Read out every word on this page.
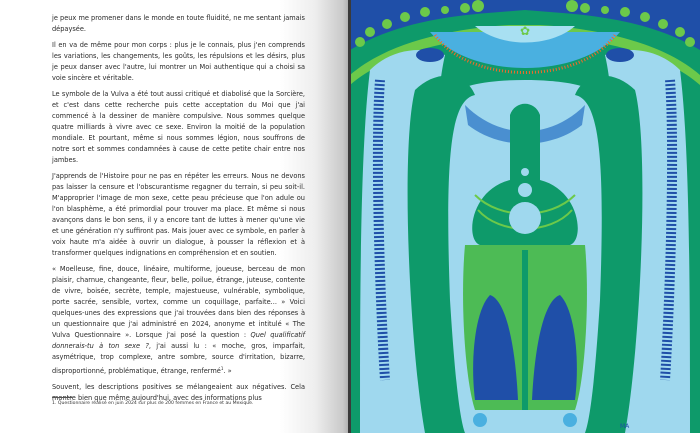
je peux me promener dans le monde en toute fluidité, ne me sentant jamais dépaysée.

Il en va de même pour mon corps : plus je le connais, plus j'en comprends les variations, les changements, les goûts, les répulsions et les désirs, plus je peux danser avec l'autre, lui montrer un Moi authentique qui a choisi sa voie sincère et véritable.

Le symbole de la Vulva a été tout aussi critiqué et diabolisé que la Sorcière, et c'est dans cette recherche puis cette acceptation du Moi que j'ai commencé à la dessiner de manière compulsive. Nous sommes quelque quatre milliards à vivre avec ce sexe. Environ la moitié de la population mondiale. Et pourtant, même si nous sommes légion, nous souffrons de notre sort et sommes condamnées à cause de cette petite chair entre nos jambes.

J'apprends de l'Histoire pour ne pas en répéter les erreurs. Nous ne devons pas laisser la censure et l'obscurantisme regagner du terrain, si peu soit-il. M'approprier l'image de mon sexe, cette peau précieuse que l'on adule ou l'on blasphème, a été primordial pour trouver ma place. Et même si nous avançons dans le bon sens, il y a encore tant de luttes à mener qu'une vie et une génération n'y suffiront pas. Mais jouer avec ce symbole, en parler à voix haute m'a aidée à ouvrir un dialogue, à pousser la réflexion et à transformer quelques indignations en compréhension et en soutien.

« Moelleuse, fine, douce, linéaire, multiforme, joueuse, berceau de mon plaisir, charnue, changeante, fleur, belle, poilue, étrange, juteuse, contente de vivre, boisée, secrète, temple, majestueuse, vulnérable, symbolique, porte sacrée, sensible, vortex, comme un coquillage, parfaite... » Voici quelques-unes des expressions que j'ai trouvées dans bien des réponses à un questionnaire que j'ai administré en 2024, anonyme et intitulé « The Vulva Questionnaire ». Lorsque j'ai posé la question : Quel qualificatif donnerais-tu à ton sexe ?, j'ai aussi lu : « moche, gros, imparfait, asymétrique, trop complexe, antre sombre, source d'irritation, bizarre, disproportionné, problématique, étrange, renfermé$^1$. »

Souvent, les descriptions positives se mélangeaient aux négatives. Cela montre bien que même aujourd'hui, avec des informations plus

1. Questionnaire réalisé en juin 2024 sur plus de 200 femmes en France et au Mexique.
✿
MA
